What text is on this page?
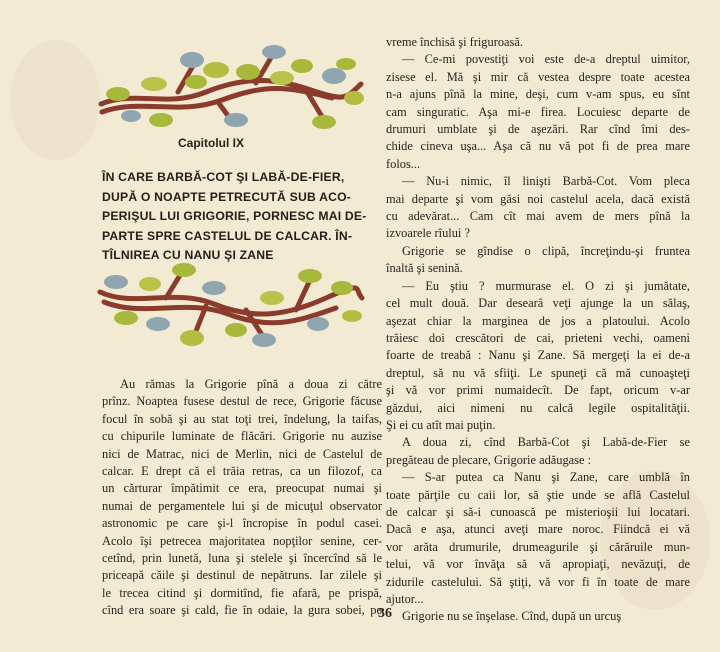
Capitolul IX
ÎN CARE BARBĂ-COT ŞI LABĂ-DE-FIER,
DUPĂ O NOAPTE PETRECUTĂ SUB ACO-
PERIŞUL LUI GRIGORIE, PORNESC MAI DE-
PARTE SPRE CASTELUL DE CALCAR. ÎN-
TÎLNIREA CU NANU ŞI ZANE
Au rămas la Grigorie pînă a doua zi către
prînz. Noaptea fusese destul de rece, Grigorie făcuse
focul în sobă şi au stat toţi trei, îndelung, la taifas,
cu chipurile luminate de flăcări. Grigorie nu auzise
nici de Matrac, nici de Merlin, nici de Castelul de
calcar. E drept că el trăia retras, ca un filozof, ca
un cărturar împătimit ce era, preocupat numai şi
numai de pergamentele lui şi de micuţul observator
astronomic pe care şi-l încropise în podul casei.
Acolo îşi petrecea majoritatea nopţilor senine, cer-
cetînd, prin lunetă, luna şi stelele şi încercînd să le
priceapă căile şi destinul de nepătruns. Iar zilele şi
le trecea citind şi dormitînd, fie afară, pe prispă,
cînd era soare şi cald, fie în odaie, la gura sobei, pe
vreme închisă şi friguroasă.
— Ce-mi povestiţi voi este de-a dreptul uimitor,
zisese el. Mă şi mir că vestea despre toate acestea
n-a ajuns pînă la mine, deşi, cum v-am spus, eu sînt
cam singuratic. Aşa mi-e firea. Locuiesc departe de
drumuri umblate şi de aşezări. Rar cînd îmi des-
chide cineva uşa... Aşa că nu vă pot fi de prea mare
folos...
— Nu-i nimic, îl linişti Barbă-Cot. Vom pleca
mai departe şi vom găsi noi castelul acela, dacă există
cu adevărat... Cam cît mai avem de mers pînă la
izvoarele rîului ?
Grigorie se gîndise o clipă, încreţindu-şi fruntea
înaltă şi senină.
— Eu ştiu ? murmurase el. O zi şi jumătate,
cel mult două. Dar desearâ veţi ajunge la un sălaş,
aşezat chiar la marginea de jos a platoului. Acolo
trăiesc doi crescători de cai, prieteni vechi, oameni
foarte de treabă : Nanu şi Zane. Să mergeţi la ei de-a
dreptul, să nu vă sfiiţi. Le spuneţi că mă cunoaşteţi
şi vă vor primi numaidecît. De fapt, oricum v-ar
găzdui, aici nimeni nu calcă legile ospitalităţii.
Şi ei cu atît mai puţin.
A doua zi, cînd Barbă-Cot şi Labă-de-Fier se
pregăteau de plecare, Grigorie adăugase :
— S-ar putea ca Nanu şi Zane, care umblă în
toate părţile cu caii lor, să ştie unde se află Castelul
de calcar şi să-i cunoască pe misterioşii lui locatari.
Dacă e aşa, atunci aveţi mare noroc. Fiindcă ei vă
vor arăta drumurile, drumeagurile şi cărăruile mun-
telui, vă vor învăţa să vă apropiaţi, nevăzuţi, de
zidurile castelului. Să ştiţi, vă vor fi în toate de mare
ajutor...
Grigorie nu se înşelase. Cînd, după un urcuş
36
